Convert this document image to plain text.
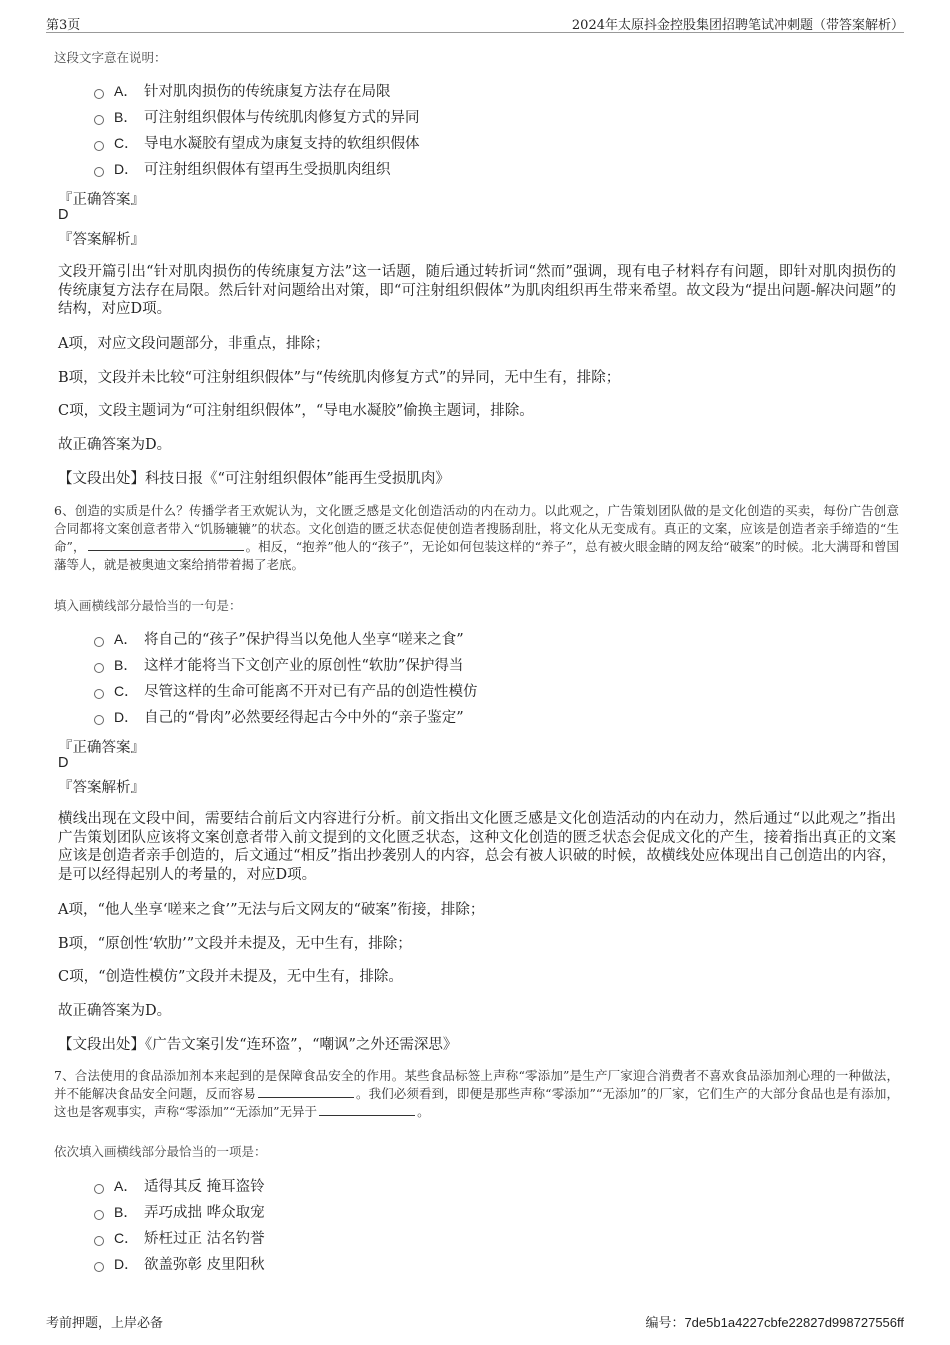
第3页	2024年太原抖金控股集团招聘笔试冲刺题（带答案解析）
这段文字意在说明：
A． 针对肌肉损伤的传统康复方法存在局限
B． 可注射组织假体与传统肌肉修复方式的异同
C． 导电水凝胶有望成为康复支持的软组织假体
D． 可注射组织假体有望再生受损肌肉组织
『正确答案』
D
『答案解析』
文段开篇引出“针对肌肉损伤的传统康复方法”这一话题，随后通过转折词“然而”强调，现有电子材料存有问题，即针对肌肉损伤的传统康复方法存在局限。然后针对问题给出对策，即“可注射组织假体”为肌肉组织再生带来希望。故文段为“提出问题-解决问题”的结构，对应D项。
A项，对应文段问题部分，非重点，排除；
B项，文段并未比较“可注射组织假体”与“传统肌肉修复方式”的异同，无中生有，排除；
C项，文段主题词为“可注射组织假体”，“导电水凝胶”偷换主题词，排除。
故正确答案为D。
【文段出处】科技日报《“可注射组织假体”能再生受损肌肉》
6、创造的实质是什么？传播学者王欢妮认为，文化匮乏感是文化创造活动的内在动力。以此观之，广告策划团队做的是文化创造的买卖，每份广告创意合同都将文案创意者带入“饥肠辘辘”的状态。文化创造的匮乏状态促使创造者搜肠刮肚，将文化从无变成有。真正的文案，应该是创造者亲手缔造的“生命”，	。相反，“抱养”他人的“孩子”，无论如何包装这样的“养子”，总有被火眼金睛的网友给“破案”的时候。北大满哥和曾国藩等人，就是被奥迪文案给捎带着揭了老底。
填入画横线部分最恰当的一句是：
A． 将自己的“孩子”保护得当以免他人坐享“嗟来之食”
B． 这样才能将当下文创产业的原创性“软肋”保护得当
C． 尽管这样的生命可能离不开对已有产品的创造性模仿
D． 自己的“骨肉”必然要经得起古今中外的“亲子鉴定”
『正确答案』
D
『答案解析』
横线出现在文段中间，需要结合前后文内容进行分析。前文指出文化匮乏感是文化创造活动的内在动力，然后通过“以此观之”指出广告策划团队应该将文案创意者带入前文提到的文化匮乏状态，这种文化创造的匮乏状态会促成文化的产生，接着指出真正的文案应该是创造者亲手创造的，后文通过“相反”指出抄袭别人的内容，总会有被人识破的时候，故横线处应体现出自己创造出的内容，是可以经得起别人的考量的，对应D项。
A项，“他人坐享‘嗟来之食’”无法与后文网友的“破案”衔接，排除；
B项，“原创性‘软肋’”文段并未提及，无中生有，排除；
C项，“创造性模仿”文段并未提及，无中生有，排除。
故正确答案为D。
【文段出处】《广告文案引发“连环盗”，“嘲讽”之外还需深思》
7、合法使用的食品添加剂本来起到的是保障食品安全的作用。某些食品标签上声称“零添加”是生产厂家迎合消费者不喜欢食品添加剂心理的一种做法，并不能解决食品安全问题，反而容易	。我们必须看到，即便是那些声称“零添加”“无添加”的厂家，它们生产的大部分食品也是有添加，这也是客观事实，声称“零添加”“无添加”无异于	。
依次填入画横线部分最恰当的一项是：
A． 适得其反 掩耳盗铃
B． 弄巧成拙 哗众取宠
C． 矫枉过正 沽名钓誉
D． 欲盖弥彰 皮里阳秋
考前押题，上岸必备	编号：7de5b1a4227cbfe22827d998727556ff
